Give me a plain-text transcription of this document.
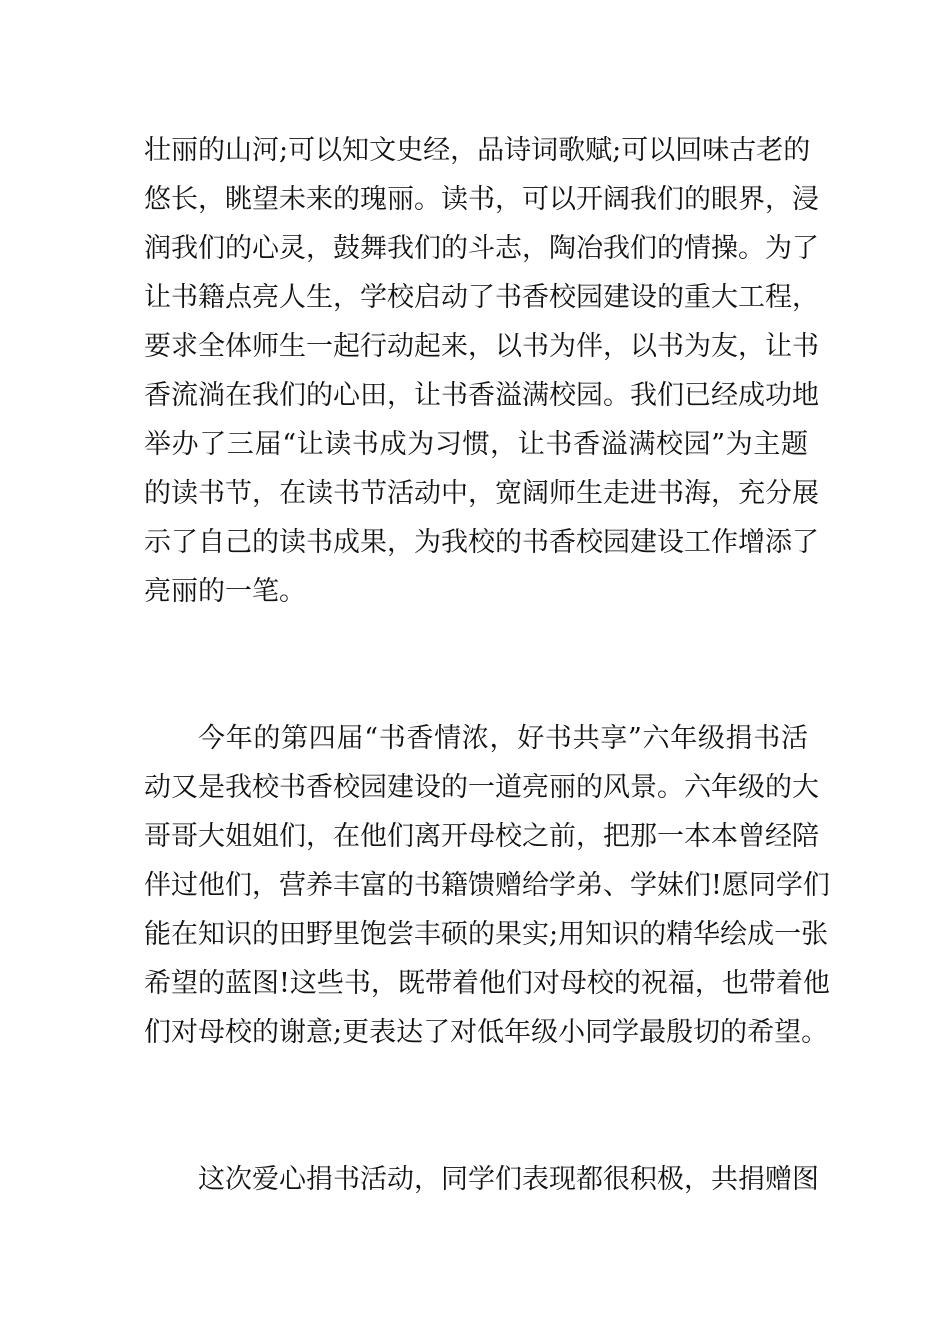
壮丽的山河;可以知文史经，品诗词歌赋;可以回味古老的
悠长，眺望未来的瑰丽。读书，可以开阔我们的眼界，浸
润我们的心灵，鼓舞我们的斗志，陶冶我们的情操。为了
让书籍点亮人生，学校启动了书香校园建设的重大工程，
要求全体师生一起行动起来，以书为伴，以书为友，让书
香流淌在我们的心田，让书香溢满校园。我们已经成功地
举办了三届“让读书成为习惯，让书香溢满校园”为主题
的读书节，在读书节活动中，宽阔师生走进书海，充分展
示了自己的读书成果，为我校的书香校园建设工作增添了
亮丽的一笔。
今年的第四届“书香情浓，好书共享”六年级捐书活
动又是我校书香校园建设的一道亮丽的风景。六年级的大
哥哥大姐姐们，在他们离开母校之前，把那一本本曾经陪
伴过他们，营养丰富的书籍馈赠给学弟、学妹们!愿同学们
能在知识的田野里饱尝丰硕的果实;用知识的精华绘成一张
希望的蓝图!这些书，既带着他们对母校的祝福，也带着他
们对母校的谢意;更表达了对低年级小同学最殷切的希望。
这次爱心捐书活动，同学们表现都很积极，共捐赠图
